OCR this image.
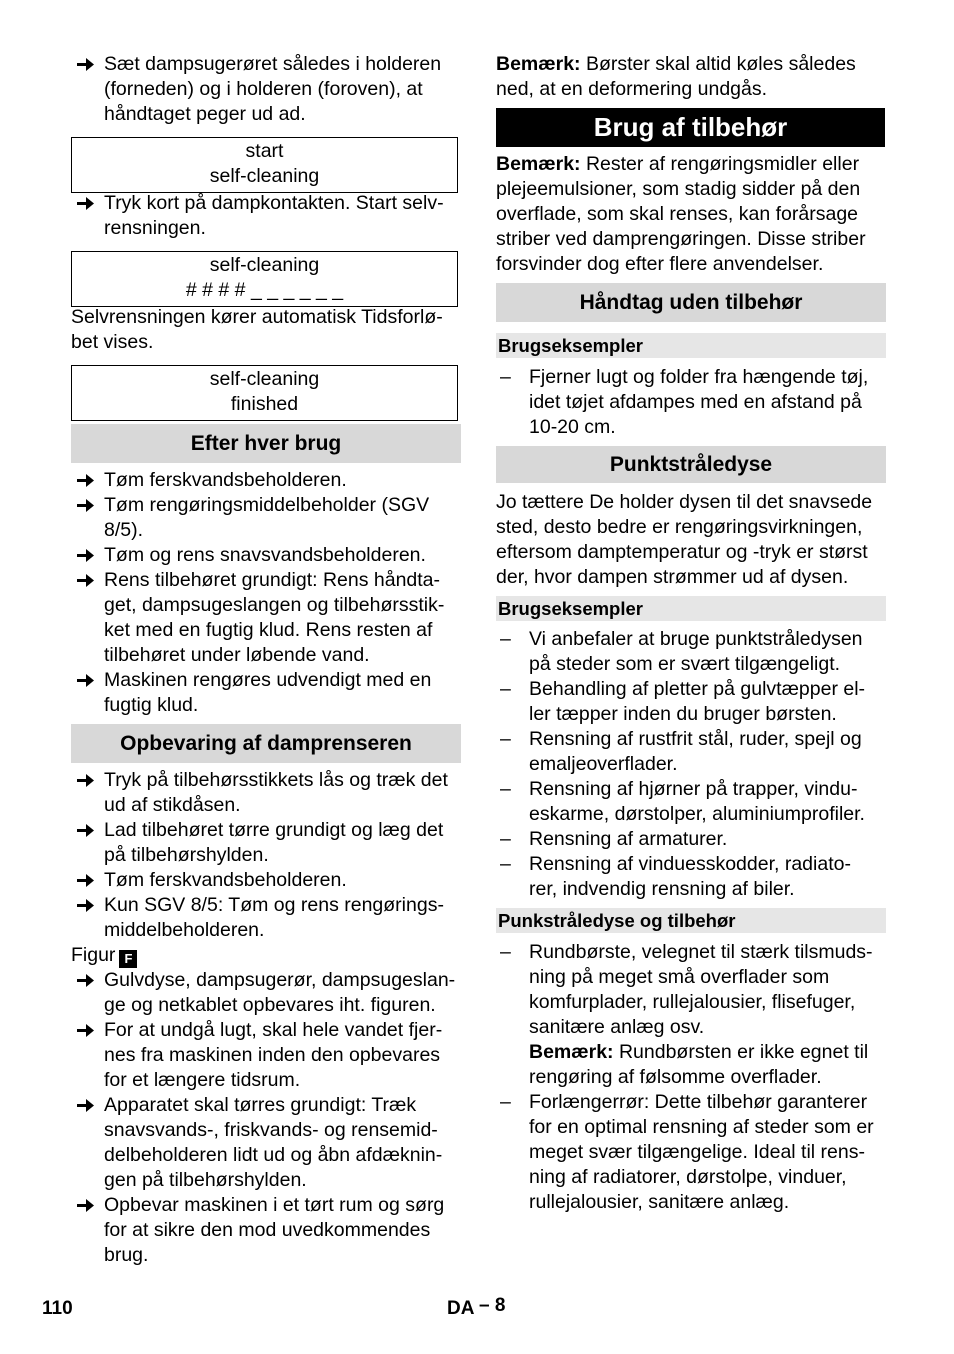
Sæt dampsugerøret således i holderen
(forneden) og i holderen (foroven), at
håndtaget peger ud ad.
start
self-cleaning
Tryk kort på dampkontakten. Start selv-
rensningen.
self-cleaning
# # # # _ _ _ _ _ _
Selvrensningen kører automatisk Tidsforlø-
bet vises.
self-cleaning
finished
Efter hver brug
Tøm ferskvandsbeholderen.
Tøm rengøringsmiddelbeholder (SGV
8/5).
Tøm og rens snavsvandsbeholderen.
Rens tilbehøret grundigt: Rens håndta-
get, dampsugeslangen og tilbehørsstik-
ket med en fugtig klud. Rens resten af
tilbehøret under løbende vand.
Maskinen rengøres udvendigt med en
fugtig klud.
Opbevaring af damprenseren
Tryk på tilbehørsstikkets lås og træk det
ud af stikdåsen.
Lad tilbehøret tørre grundigt og læg det
på tilbehørshylden.
Tøm ferskvandsbeholderen.
Kun SGV 8/5: Tøm og rens rengørings-
middelbeholderen.
Figur F
Gulvdyse, dampsugerør, dampsugeslan-
ge og netkablet opbevares iht. figuren.
For at undgå lugt, skal hele vandet fjer-
nes fra maskinen inden den opbevares
for et længere tidsrum.
Apparatet skal tørres grundigt: Træk
snavsvands-, friskvands- og rensemid-
delbeholderen lidt ud og åbn afdæknin-
gen på tilbehørshylden.
Opbevar maskinen i et tørt rum og sørg
for at sikre den mod uvedkommendes
brug.
Bemærk: Børster skal altid køles således
ned, at en deformering undgås.
Brug af tilbehør
Bemærk: Rester af rengøringsmidler eller
plejeemulsioner, som stadig sidder på den
overflade, som skal renses, kan forårsage
striber ved damprengøringen. Disse striber
forsvinder dog efter flere anvendelser.
Håndtag uden tilbehør
Brugseksempler
– Fjerner lugt og folder fra hængende tøj,
idet tøjet afdampes med en afstand på
10-20 cm.
Punktstråledyse
Jo tættere De holder dysen til det snavsede
sted, desto bedre er rengøringsvirkningen,
eftersom damptemperatur og -tryk er størst
der, hvor dampen strømmer ud af dysen.
Brugseksempler
– Vi anbefaler at bruge punktstråledysen
på steder som er svært tilgængeligt.
– Behandling af pletter på gulvtæpper el-
ler tæpper inden du bruger børsten.
– Rensning af rustfrit stål, ruder, spejl og
emaljeoverflader.
– Rensning af hjørner på trapper, vindu-
eskarme, dørstolper, aluminiumprofiler.
– Rensning af armaturer.
– Rensning af vinduesskodder, radiato-
rer, indvendig rensning af biler.
Punkstråledyse og tilbehør
– Rundbørste, velegnet til stærk tilsmuds-
ning på meget små overflader som
komfurplader, rullejalousier, flisefuger,
sanitære anlæg osv.
Bemærk: Rundbørsten er ikke egnet til
rengøring af følsomme overflader.
– Forlængerrør: Dette tilbehør garanterer
for en optimal rensning af steder som er
meget svær tilgængelige. Ideal til rens-
ning af radiatorer, dørstolpe, vinduer,
rullejalousier, sanitære anlæg.
110	DA – 8
